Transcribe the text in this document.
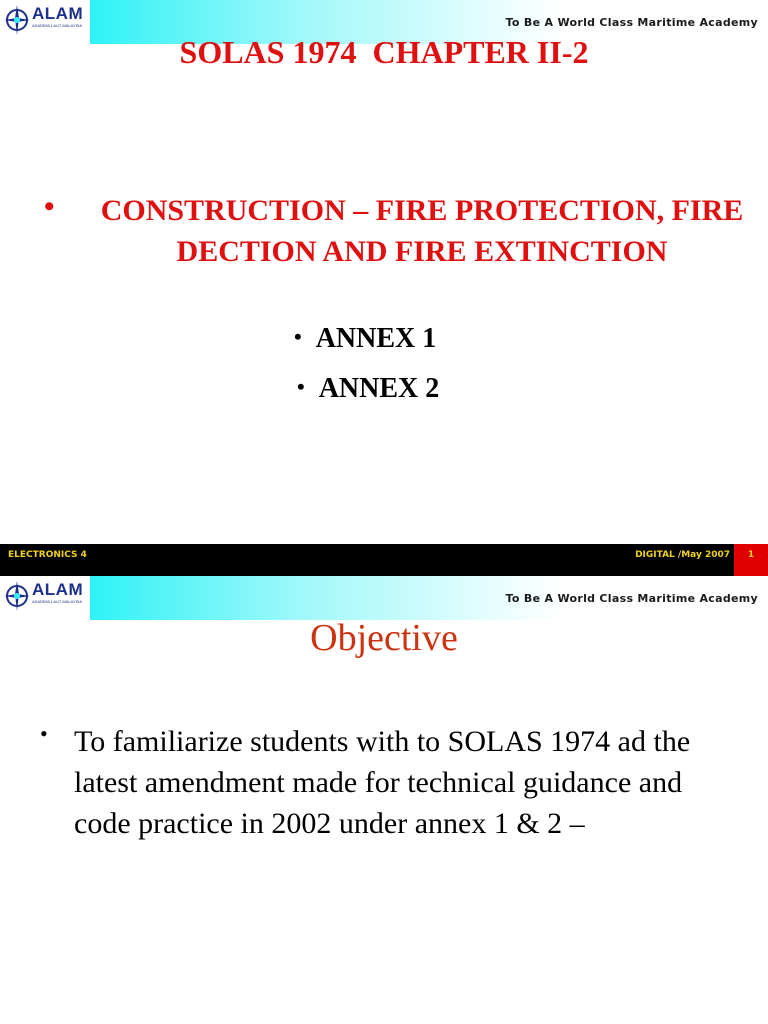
ALAM
AKADEMI LAUT MALAYSIA	To Be A World Class Maritime Academy
SOLAS 1974  CHAPTER II-2
•	CONSTRUCTION – FIRE PROTECTION, FIRE DECTION AND FIRE EXTINCTION
• ANNEX 1
• ANNEX 2
ELECTRONICS 4	DIGITAL /May 2007	1
ALAM
AKADEMI LAUT MALAYSIA	To Be A World Class Maritime Academy
Objective
• To familiarize students with to SOLAS 1974 ad the latest amendment made for technical guidance and code practice in 2002 under annex 1 & 2 –
